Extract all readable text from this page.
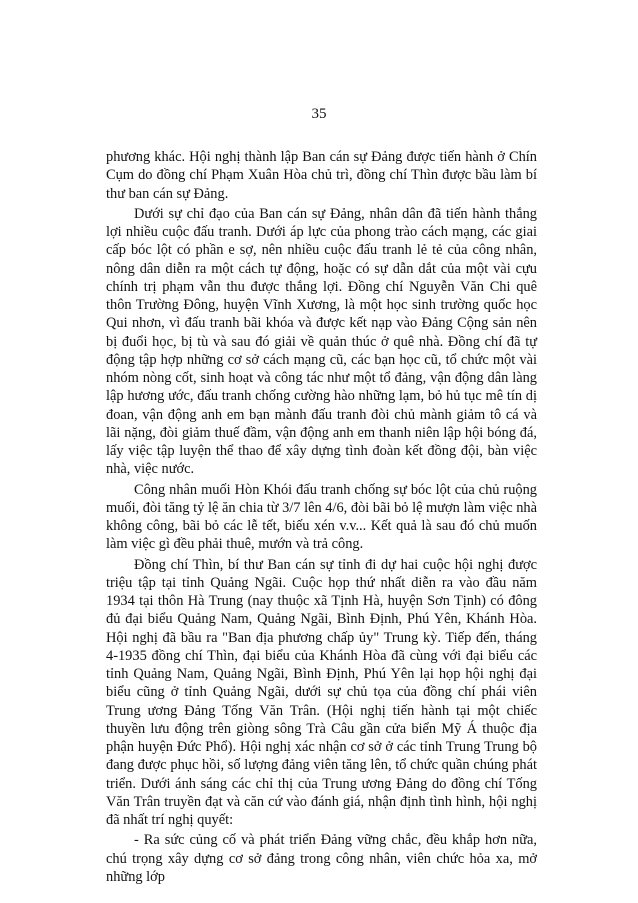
35

phương khác. Hội nghị thành lập Ban cán sự Đảng được tiến hành ở Chín Cụm do đồng chí Phạm Xuân Hòa chủ trì, đồng chí Thìn được bầu làm bí thư ban cán sự Đảng.

Dưới sự chỉ đạo của Ban cán sự Đảng, nhân dân đã tiến hành thắng lợi nhiều cuộc đấu tranh. Dưới áp lực của phong trào cách mạng, các giai cấp bóc lột có phần e sợ, nên nhiều cuộc đấu tranh lẻ tẻ của công nhân, nông dân diễn ra một cách tự động, hoặc có sự dẫn dắt của một vài cựu chính trị phạm vẫn thu được thắng lợi. Đồng chí Nguyễn Văn Chi quê thôn Trường Đông, huyện Vĩnh Xương, là một học sinh trường quốc học Qui nhơn, vì đấu tranh bãi khóa và được kết nạp vào Đảng Cộng sản nên bị đuổi học, bị tù và sau đó giải về quản thúc ở quê nhà. Đồng chí đã tự động tập hợp những cơ sở cách mạng cũ, các bạn học cũ, tổ chức một vài nhóm nòng cốt, sinh hoạt và công tác như một tổ đảng, vận động dân làng lập hương ước, đấu tranh chống cường hào những lạm, bỏ hủ tục mê tín dị đoan, vận động anh em bạn mành đấu tranh đòi chủ mành giảm tô cá và lãi nặng, đòi giảm thuế đầm, vận động anh em thanh niên lập hội bóng đá, lấy việc tập luyện thể thao để xây dựng tình đoàn kết đồng đội, bàn việc nhà, việc nước.

Công nhân muối Hòn Khói đấu tranh chống sự bóc lột của chủ ruộng muối, đòi tăng tỷ lệ ăn chia từ 3/7 lên 4/6, đòi bãi bỏ lệ mượn làm việc nhà không công, bãi bỏ các lễ tết, biếu xén v.v... Kết quả là sau đó chủ muốn làm việc gì đều phải thuê, mướn và trả công.

Đồng chí Thìn, bí thư Ban cán sự tỉnh đi dự hai cuộc hội nghị được triệu tập tại tỉnh Quảng Ngãi. Cuộc họp thứ nhất diễn ra vào đầu năm 1934 tại thôn Hà Trung (nay thuộc xã Tịnh Hà, huyện Sơn Tịnh) có đông đủ đại biểu Quảng Nam, Quảng Ngãi, Bình Định, Phú Yên, Khánh Hòa. Hội nghị đã bầu ra "Ban địa phương chấp ủy" Trung kỳ. Tiếp đến, tháng 4-1935 đồng chí Thìn, đại biểu của Khánh Hòa đã cùng với đại biểu các tỉnh Quảng Nam, Quảng Ngãi, Bình Định, Phú Yên lại họp hội nghị đại biểu cũng ở tỉnh Quảng Ngãi, dưới sự chủ tọa của đồng chí phái viên Trung ương Đảng Tống Văn Trân. (Hội nghị tiến hành tại một chiếc thuyền lưu động trên giòng sông Trà Câu gần cửa biển Mỹ Á thuộc địa phận huyện Đức Phổ). Hội nghị xác nhận cơ sở ở các tỉnh Trung Trung bộ đang được phục hồi, số lượng đảng viên tăng lên, tổ chức quần chúng phát triển. Dưới ánh sáng các chỉ thị của Trung ương Đảng do đồng chí Tống Văn Trân truyền đạt và căn cứ vào đánh giá, nhận định tình hình, hội nghị đã nhất trí nghị quyết:

- Ra sức củng cố và phát triển Đảng vững chắc, đều khắp hơn nữa, chú trọng xây dựng cơ sở đảng trong công nhân, viên chức hỏa xa, mở những lớp
